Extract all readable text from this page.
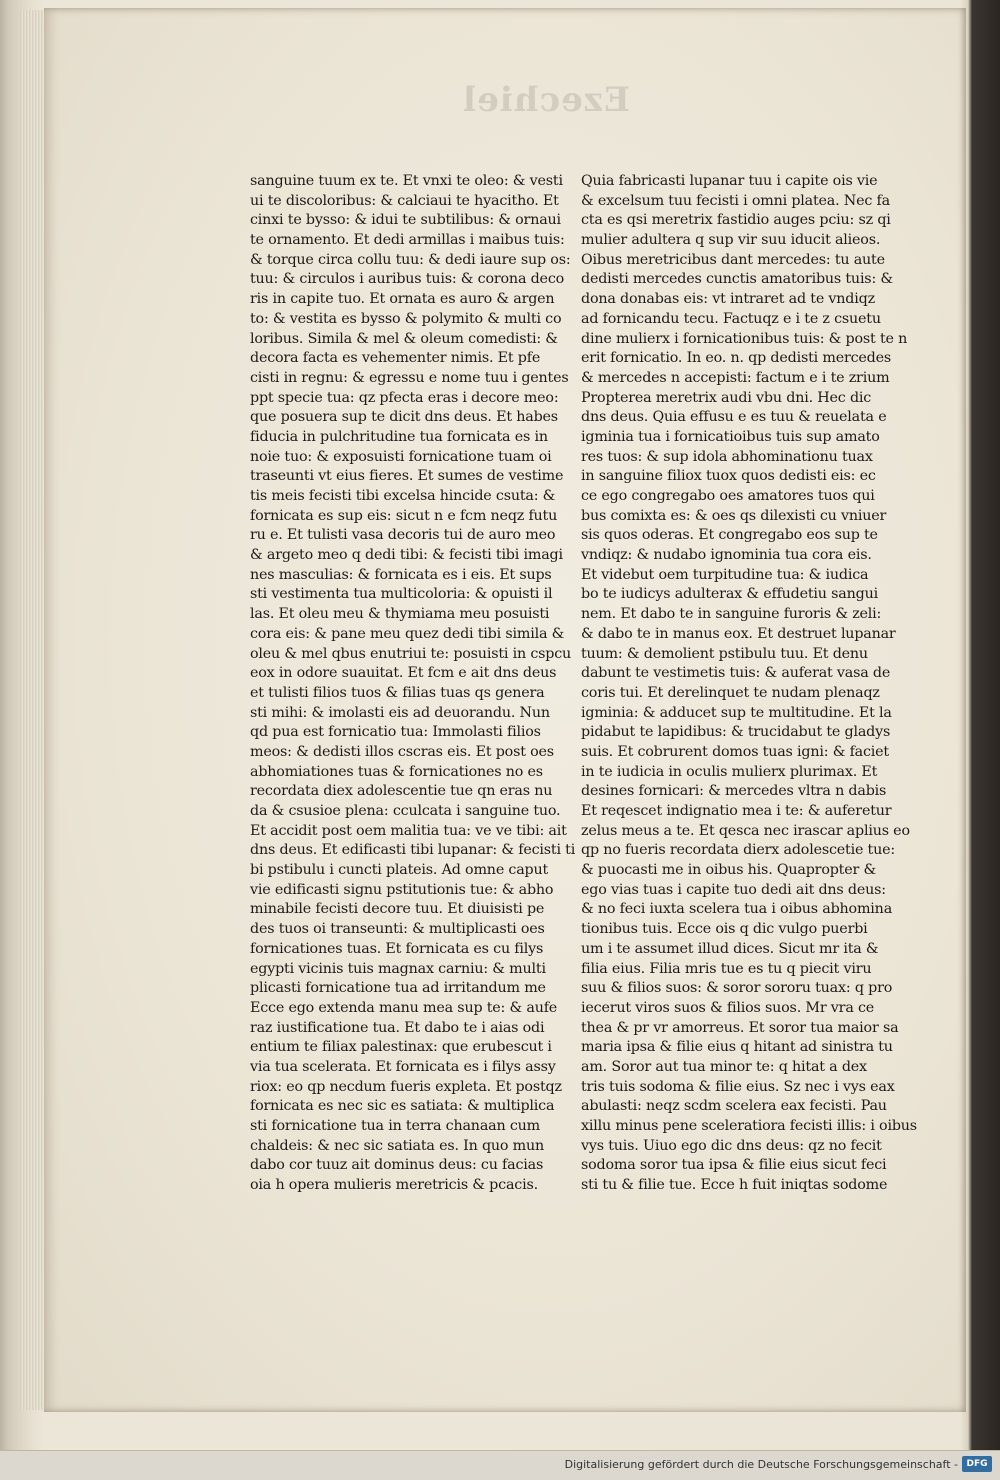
Ezechiel
sanguine tuum ex te. Et vnxi te oleo: & vesti
ui te discoloribus: & calciaui te hyacitho. Et
cinxi te bysso: & idui te subtilibus: & ornaui
te ornamento. Et dedi armillas i maibus tuis:
& torque circa collu tuu: & dedi iaure sup os:
tuu: & circulos i auribus tuis: & corona deco
ris in capite tuo. Et ornata es auro & argen
to: & vestita es bysso & polymito & multi co
loribus. Simila & mel & oleum comedisti: &
decora facta es vehementer nimis. Et pfe
cisti in regnu: & egressu e nome tuu i gentes
ppt specie tua: qz pfecta eras i decore meo:
que posuera sup te dicit dns deus. Et habes
fiducia in pulchritudine tua fornicata es in
noie tuo: & exposuisti fornicatione tuam oi
trasеunti vt eius fieres. Et sumes de vestime
tis meis fecisti tibi excelsa hincide csuta: &
fornicata es sup eis: sicut n e fcm neqz futu
ru e. Et tulisti vasa decoris tui de auro meo
& argeto meo q dedi tibi: & fecisti tibi imagi
nes masculias: & fornicata es i eis. Et sups
sti vestimenta tua multicoloria: & opuisti il
las. Et oleu meu & thymiama meu posuisti
cora eis: & pane meu quez dedi tibi simila &
oleu & mel qbus enutriui te: posuisti in cspcu
eox in odore suauitat. Et fcm e ait dns deus
et tulisti filios tuos & filias tuas qs genera
sti mihi: & imolasti eis ad deuorandu. Nun
qd pua est fornicatio tua: Immolasti filios
meos: & dedisti illos cscras eis. Et post oes
abhomiationes tuas & fornicationes no es
recordata diex adolescentie tue qn eras nu
da & csusioe plena: cculcata i sanguine tuo.
Et accidit post oem malitia tua: ve ve tibi: ait
dns deus. Et edificasti tibi lupanar: & fecisti ti
bi pstibulu i cuncti plateis. Ad omne caput
vie edificasti signu pstitutionis tue: & abho
minabile fecisti decore tuu. Et diuisisti pe
des tuos oi transeunti: & multiplicasti oes
fornicationes tuas. Et fornicata es cu filys
egypti vicinis tuis magnax carniu: & multi
plicasti fornicatione tua ad irritandum me
Ecce ego extenda manu mea sup te: & aufe
raz iustificatione tua. Et dabo te i aias odi
entium te filiax palestinax: que erubescut i
via tua scelerata. Et fornicata es i filys assy
riox: eo qp necdum fueris expleta. Et postqz
fornicata es nec sic es satiata: & multiplica
sti fornicatione tua in terra chanaan cum
chaldeis: & nec sic satiata es. In quo mun
dabo cor tuuz ait dominus deus: cu facias
oia h opera mulieris meretricis & pcacis.
Quia fabricasti lupanar tuu i capite ois vie
& excelsum tuu fecisti i omni platea. Nec fa
cta es qsi meretrix fastidio auges pciu: sz qi
mulier adultera q sup vir suu iducit alieos.
Oibus meretricibus dant mercedes: tu aute
dedisti mercedes cunctis amatoribus tuis: &
dona donabas eis: vt intraret ad te vndiqz
ad fornicandu tecu. Factuqz e i te z csuetu
dine mulierx i fornicationibus tuis: & post te n
erit fornicatio. In eo. n. qp dedisti mercedes
& mercedes n accepisti: factum e i te zrium
Propterea meretrix audi vbu dni. Hec dic
dns deus. Quia effusu e es tuu & reuelata e
igminia tua i fornicatioibus tuis sup amato
res tuos: & sup idola abhominationu tuax
in sanguine filiox tuox quos dedisti eis: ec
ce ego congregabo oes amatores tuos qui
bus comixta es: & oes qs dilexisti cu vniuer
sis quos oderas. Et congregabo eos sup te
vndiqz: & nudabo ignominia tua cora eis.
Et videbut oem turpitudine tua: & iudica
bo te iudicys adulterax & effudetiu sangui
nem. Et dabo te in sanguine furoris & zeli:
& dabo te in manus eox. Et destruet lupanar
tuum: & demolient pstibulu tuu. Et denu
dabunt te vestimetis tuis: & auferat vasa de
coris tui. Et derelinquet te nudam plenaqz
igminia: & adducet sup te multitudine. Et la
pidabut te lapidibus: & trucidabut te gladys
suis. Et cobrurent domos tuas igni: & faciet
in te iudicia in oculis mulierx plurimax. Et
desines fornicari: & mercedes vltra n dabis
Et reqescet indignatio mea i te: & auferetur
zelus meus a te. Et qesca nec irascar aplius eo
qp no fueris recordata dierx adolescetie tue:
& puocasti me in oibus his. Quapropter &
ego vias tuas i capite tuo dedi ait dns deus:
& no feci iuxta scelera tua i oibus abhomina
tionibus tuis. Ecce ois q dic vulgo puerbi
um i te assumet illud dices. Sicut mr ita &
filia eius. Filia mris tue es tu q piecit viru
suu & filios suos: & soror sororu tuax: q pro
iecerut viros suos & filios suos. Mr vra ce
thea & pr vr amorreus. Et soror tua maior sa
maria ipsa & filie eius q hitant ad sinistra tu
am. Soror aut tua minor te: q hitat a dex
tris tuis sodoma & filie eius. Sz nec i vys eax
abulasti: neqz scdm scelera eax fecisti. Pau
xillu minus pene sceleratiora fecisti illis: i oibus
vys tuis. Uiuo ego dic dns deus: qz no fecit
sodoma soror tua ipsa & filie eius sicut feci
sti tu & filie tue. Ecce h fuit iniqtas sodome
Digitalisierung gefördert durch die Deutsche Forschungsgemeinschaft - DFG
